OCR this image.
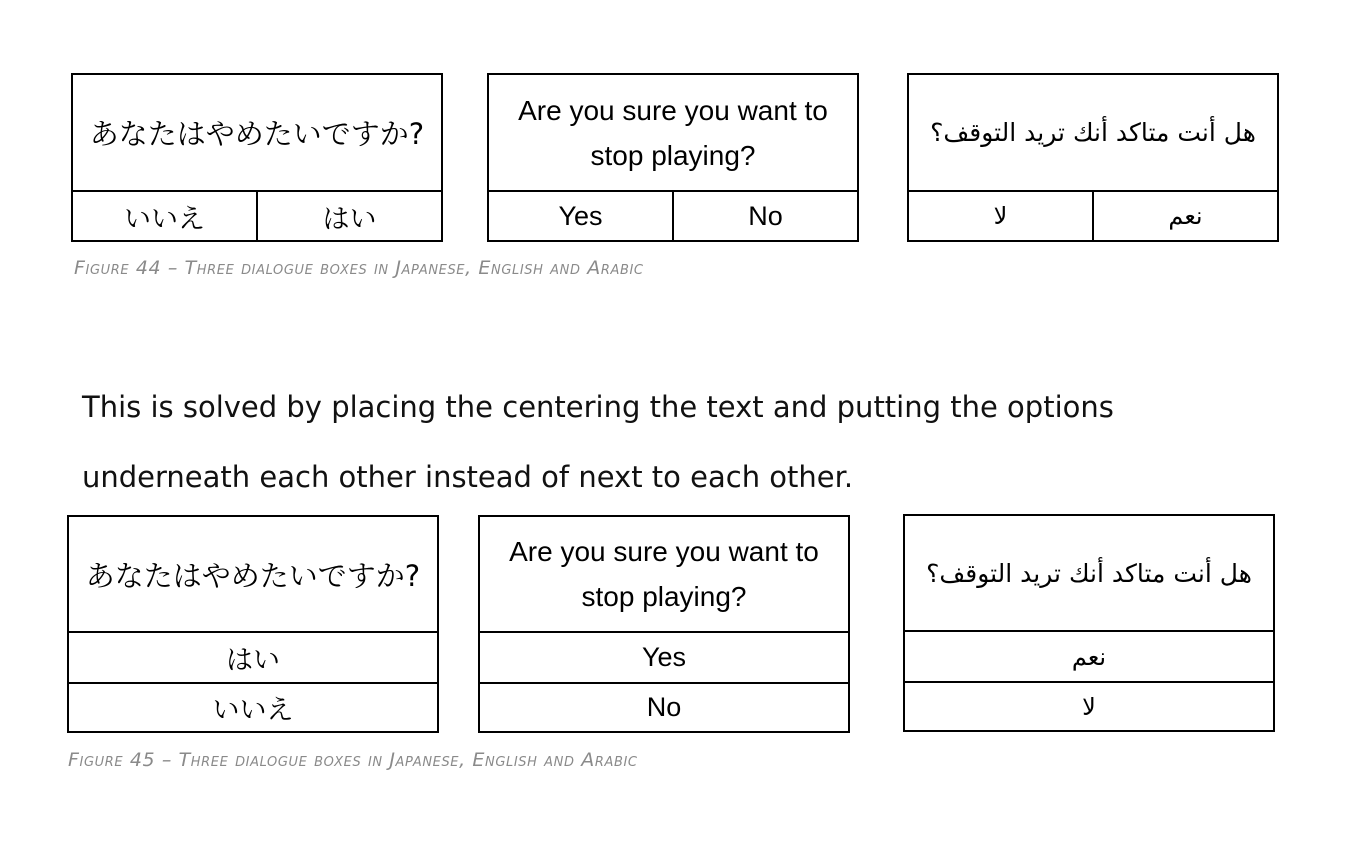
あなたはやめたいですか?
いいえ	はい
Are you sure you want to stop playing?
Yes	No
هل أنت متاكد أنك تريد التوقف؟
لا	نعم
Figure 44 – Three dialogue boxes in Japanese, English and Arabic
This is solved by placing the centering the text and putting the options underneath each other instead of next to each other.
あなたはやめたいですか?
はい
いいえ
Are you sure you want to stop playing?
Yes
No
هل أنت متاكد أنك تريد التوقف؟
نعم
لا
Figure 45 – Three dialogue boxes in Japanese, English and Arabic
